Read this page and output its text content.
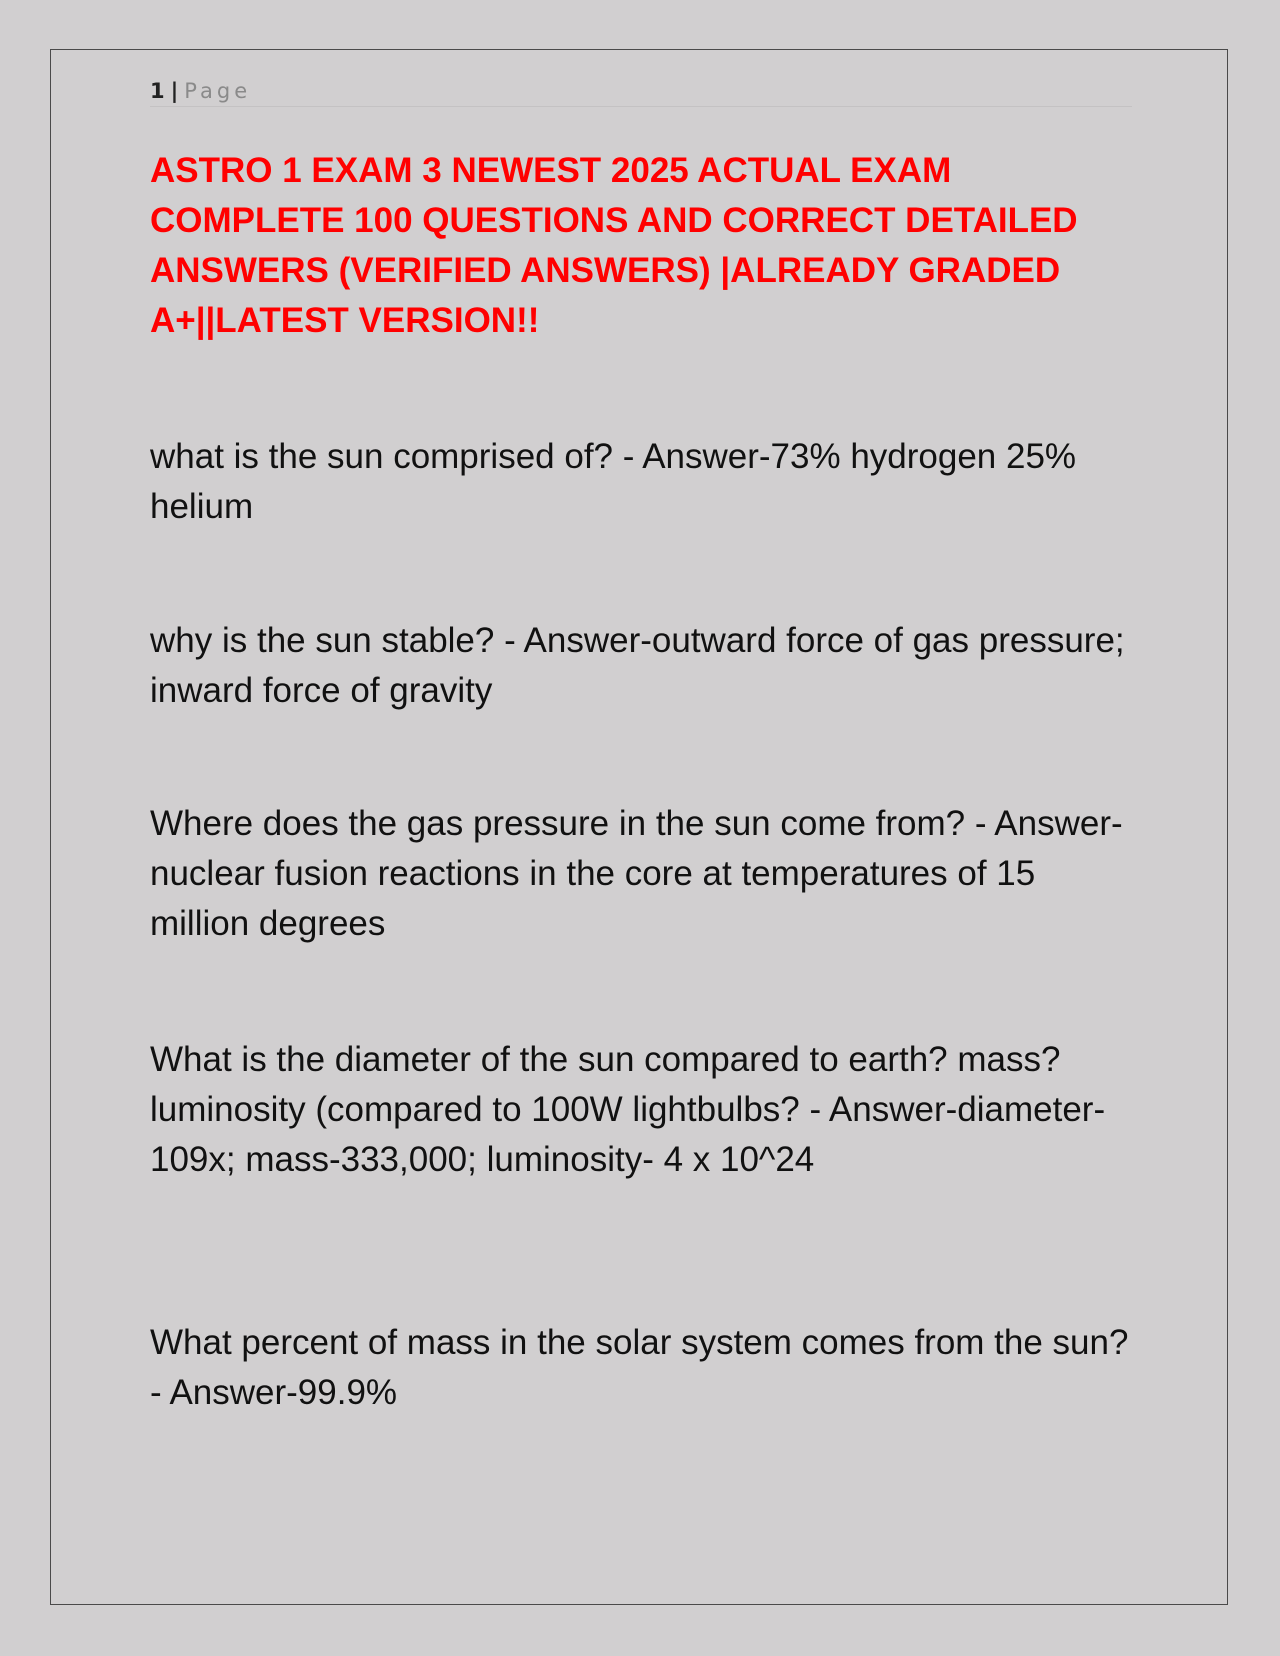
1 | Page
ASTRO 1 EXAM 3 NEWEST 2025 ACTUAL EXAM COMPLETE 100 QUESTIONS AND CORRECT DETAILED ANSWERS (VERIFIED ANSWERS) |ALREADY GRADED A+||LATEST VERSION!!

what is the sun comprised of? - Answer-73% hydrogen 25% helium

why is the sun stable? - Answer-outward force of gas pressure; inward force of gravity

Where does the gas pressure in the sun come from? - Answer-nuclear fusion reactions in the core at temperatures of 15 million degrees

What is the diameter of the sun compared to earth? mass? luminosity (compared to 100W lightbulbs? - Answer-diameter-109x; mass-333,000; luminosity- 4 x 10^24

What percent of mass in the solar system comes from the sun? - Answer-99.9%
